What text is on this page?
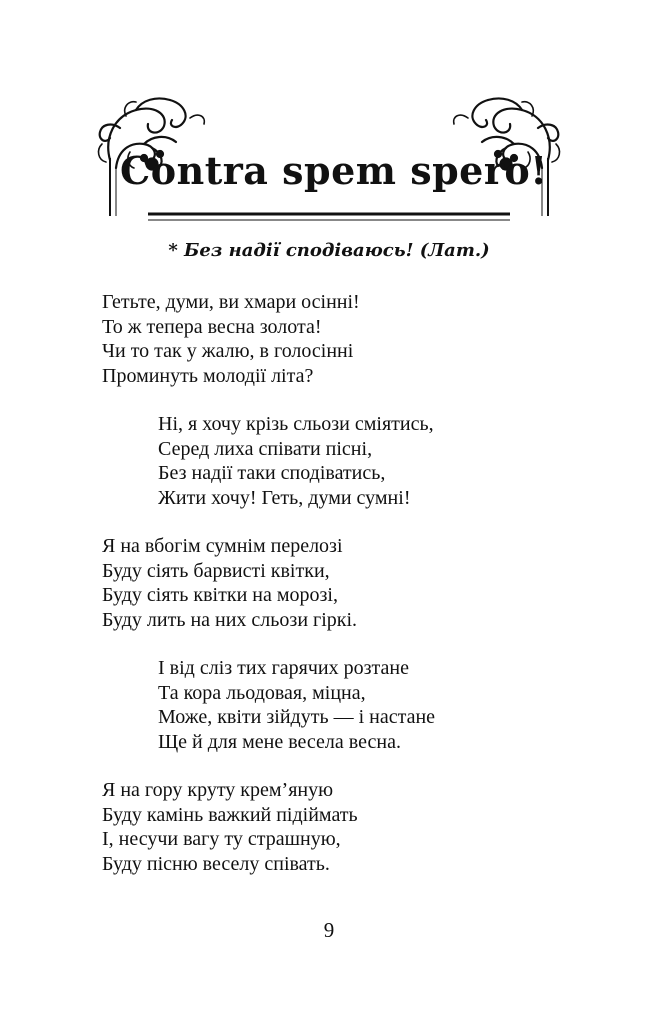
Contra spem spero!
* Без надії сподіваюсь! (Лат.)
Гетьте, думи, ви хмари осінні!
То ж тепера весна золота!
Чи то так у жалю, в голосінні
Проминуть молодії літа?
Ні, я хочу крізь сльози сміятись,
Серед лиха співати пісні,
Без надії таки сподіватись,
Жити хочу! Геть, думи сумні!
Я на вбогім сумнім перелозі
Буду сіять барвисті квітки,
Буду сіять квітки на морозі,
Буду лить на них сльози гіркі.
І від сліз тих гарячих розтане
Та кора льодовая, міцна,
Може, квіти зійдуть — і настане
Ще й для мене весела весна.
Я на гору круту крем’яную
Буду камінь важкий підіймать
І, несучи вагу ту страшную,
Буду пісню веселу співать.
9
